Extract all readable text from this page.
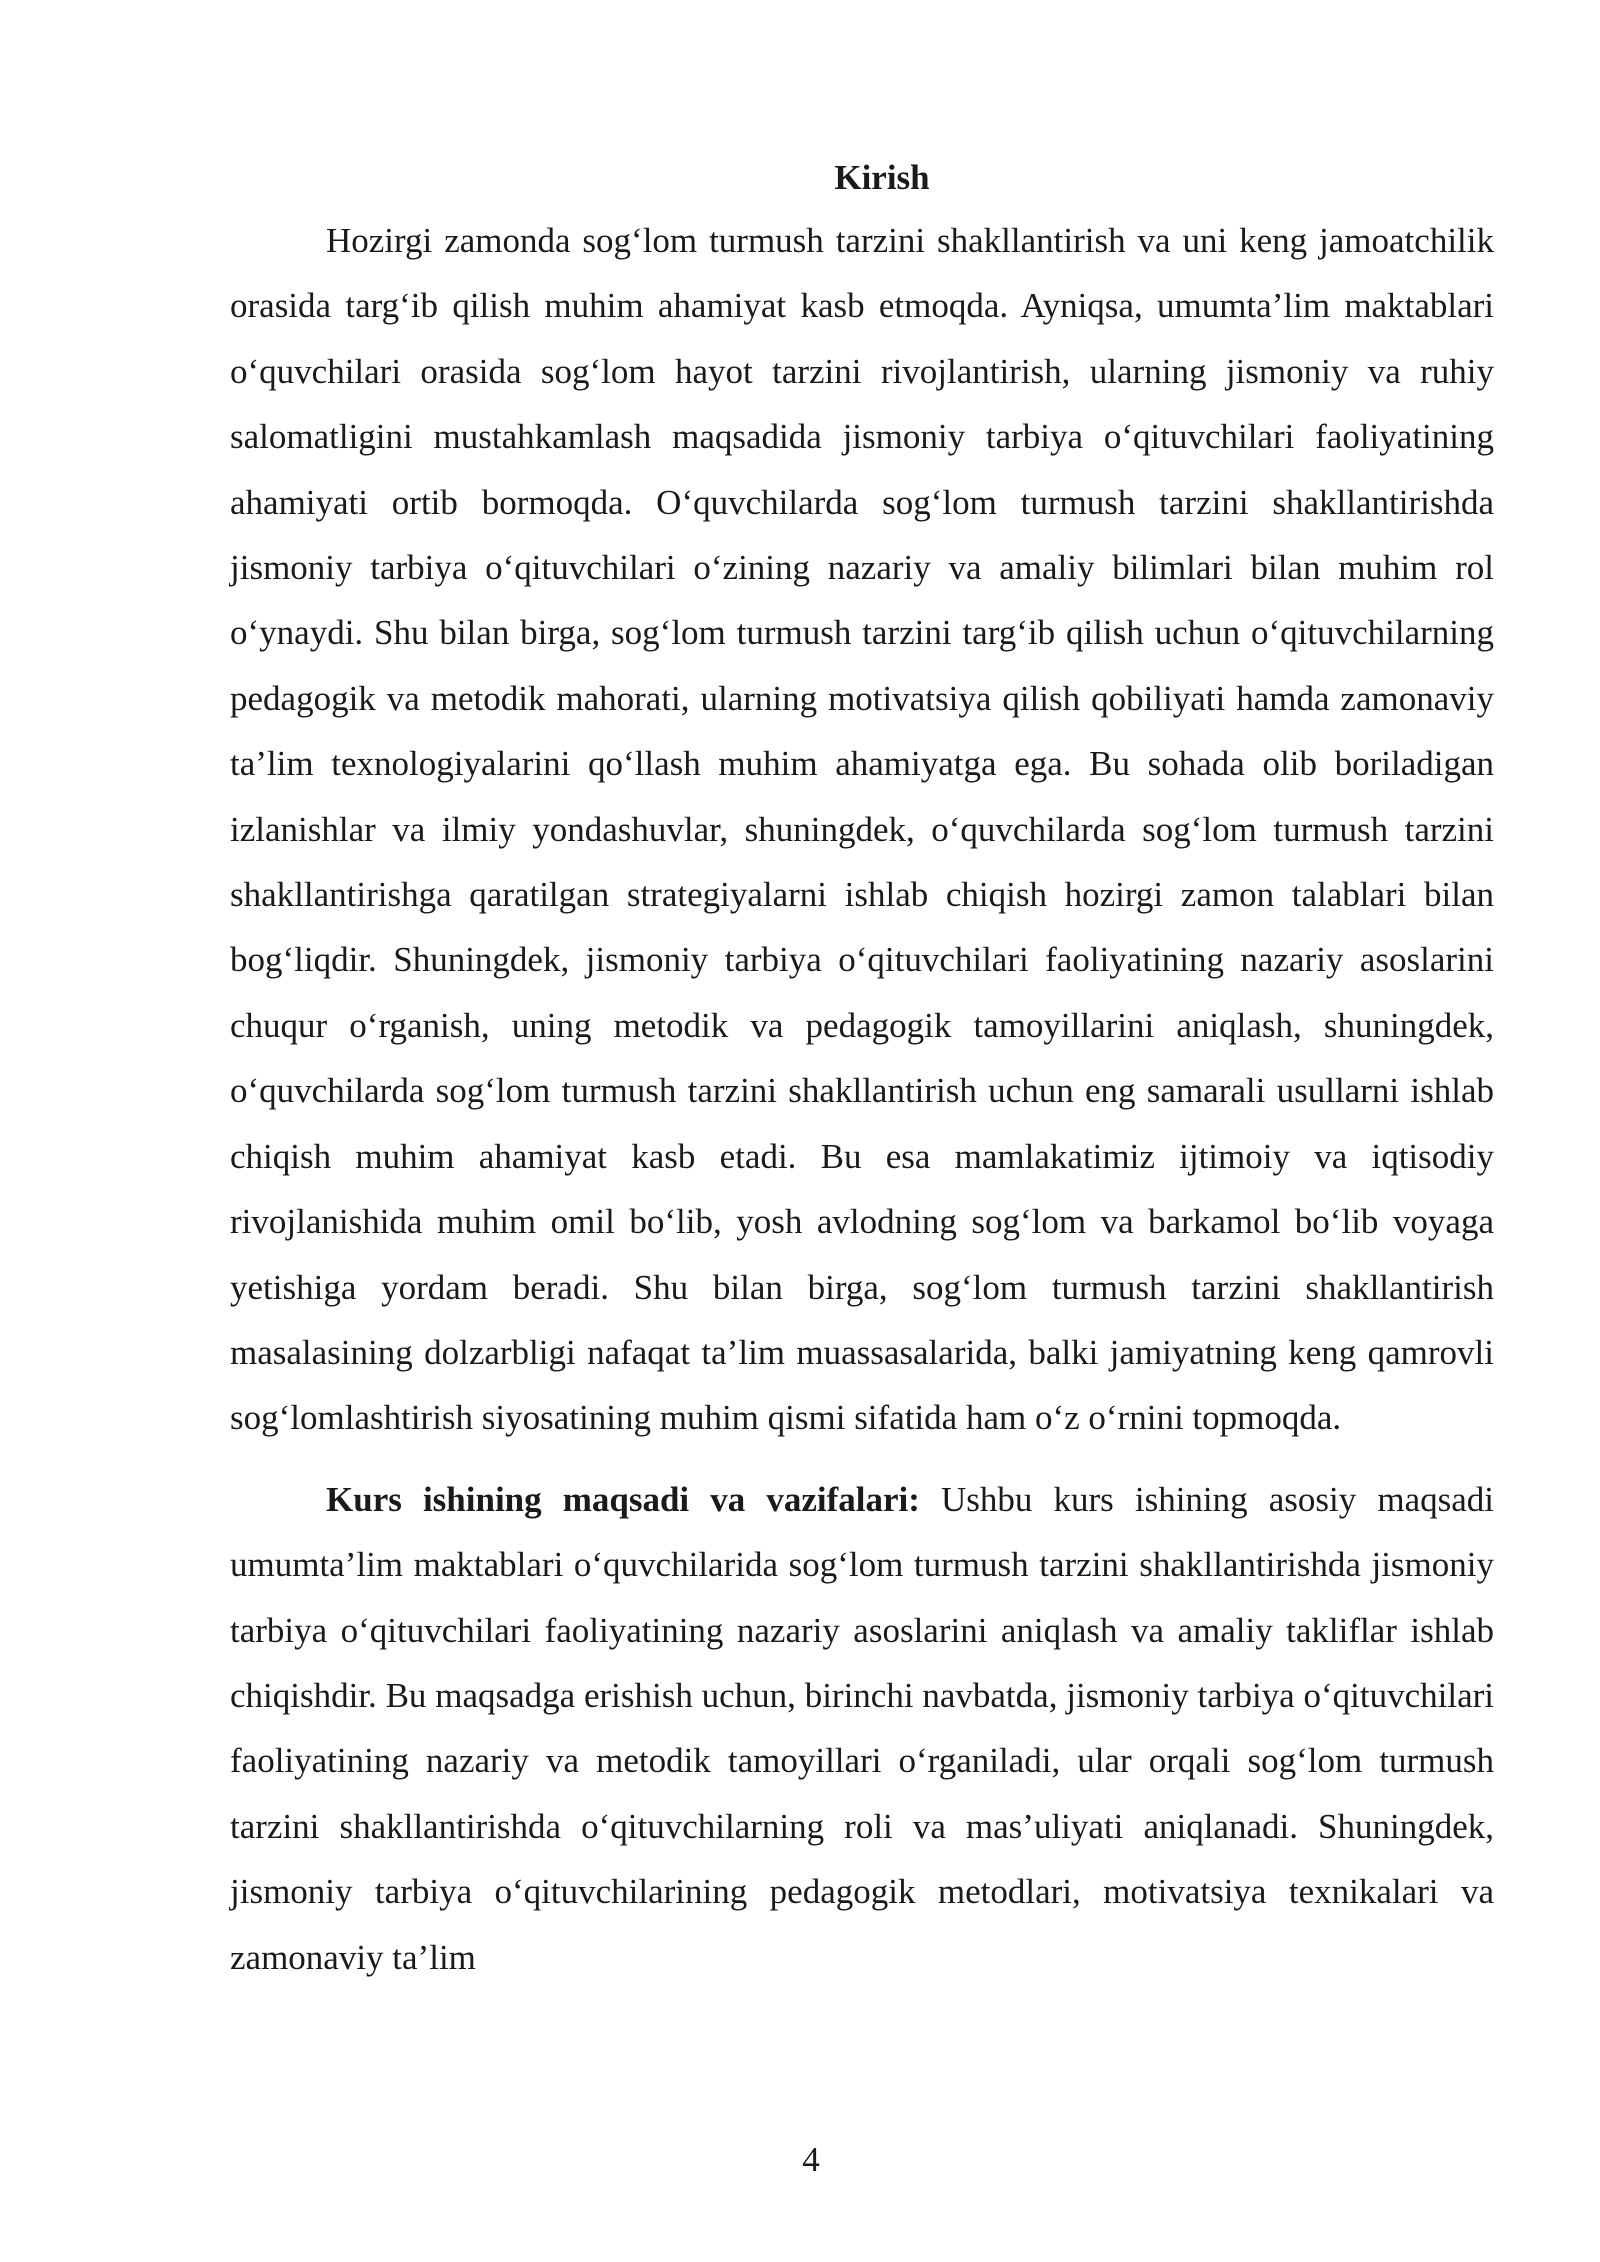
Kirish

Hozirgi zamonda sog‘lom turmush tarzini shakllantirish va uni keng jamoatchilik orasida targ‘ib qilish muhim ahamiyat kasb etmoqda. Ayniqsa, umumta’lim maktablari o‘quvchilari orasida sog‘lom hayot tarzini rivojlantirish, ularning jismoniy va ruhiy salomatligini mustahkamlash maqsadida jismoniy tarbiya o‘qituvchilari faoliyatining ahamiyati ortib bormoqda. O‘quvchilarda sog‘lom turmush tarzini shakllantirishda jismoniy tarbiya o‘qituvchilari o‘zining nazariy va amaliy bilimlari bilan muhim rol o‘ynaydi. Shu bilan birga, sog‘lom turmush tarzini targ‘ib qilish uchun o‘qituvchilarning pedagogik va metodik mahorati, ularning motivatsiya qilish qobiliyati hamda zamonaviy ta’lim texnologiyalarini qo‘llash muhim ahamiyatga ega. Bu sohada olib boriladigan izlanishlar va ilmiy yondashuvlar, shuningdek, o‘quvchilarda sog‘lom turmush tarzini shakllantirishga qaratilgan strategiyalarni ishlab chiqish hozirgi zamon talablari bilan bog‘liqdir. Shuningdek, jismoniy tarbiya o‘qituvchilari faoliyatining nazariy asoslarini chuqur o‘rganish, uning metodik va pedagogik tamoyillarini aniqlash, shuningdek, o‘quvchilarda sog‘lom turmush tarzini shakllantirish uchun eng samarali usullarni ishlab chiqish muhim ahamiyat kasb etadi. Bu esa mamlakatimiz ijtimoiy va iqtisodiy rivojlanishida muhim omil bo‘lib, yosh avlodning sog‘lom va barkamol bo‘lib voyaga yetishiga yordam beradi. Shu bilan birga, sog‘lom turmush tarzini shakllantirish masalasining dolzarbligi nafaqat ta’lim muassasalarida, balki jamiyatning keng qamrovli sog‘lomlashtirish siyosatining muhim qismi sifatida ham o‘z o‘rnini topmoqda.

Kurs ishining maqsadi va vazifalari: Ushbu kurs ishining asosiy maqsadi umumta’lim maktablari o‘quvchilarida sog‘lom turmush tarzini shakllantirishda jismoniy tarbiya o‘qituvchilari faoliyatining nazariy asoslarini aniqlash va amaliy takliflar ishlab chiqishdir. Bu maqsadga erishish uchun, birinchi navbatda, jismoniy tarbiya o‘qituvchilari faoliyatining nazariy va metodik tamoyillari o‘rganiladi, ular orqali sog‘lom turmush tarzini shakllantirishda o‘qituvchilarning roli va mas’uliyati aniqlanadi. Shuningdek, jismoniy tarbiya o‘qituvchilarining pedagogik metodlari, motivatsiya texnikalari va zamonaviy ta’lim

4
